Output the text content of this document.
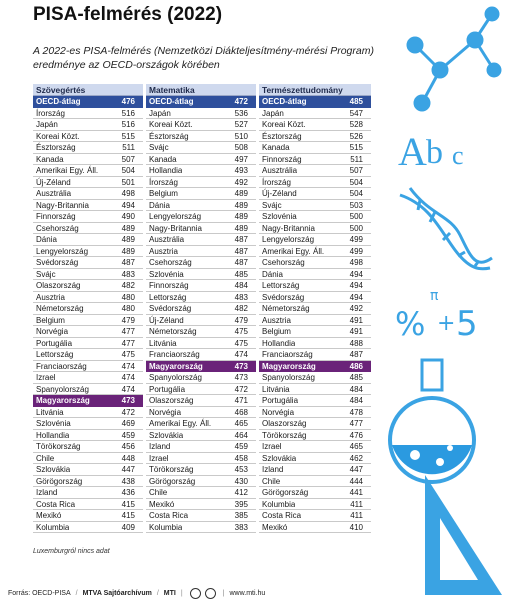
PISA-felmérés (2022)
A 2022-es PISA-felmérés (Nemzetközi Diákteljesítmény-mérési Program) eredménye az OECD-országok körében
Szövegértés
OECD-átlag	476
Írország	516
Japán	516
Koreai Közt.	515
Észtország	511
Kanada	507
Amerikai Egy. Áll.	504
Új-Zéland	501
Ausztrália	498
Nagy-Britannia	494
Finnország	490
Csehország	489
Dánia	489
Lengyelország	489
Svédország	487
Svájc	483
Olaszország	482
Ausztria	480
Németország	480
Belgium	479
Norvégia	477
Portugália	477
Lettország	475
Franciaország	474
Izrael	474
Spanyolország	474
Magyarország	473
Litvánia	472
Szlovénia	469
Hollandia	459
Törökország	456
Chile	448
Szlovákia	447
Görögország	438
Izland	436
Costa Rica	415
Mexikó	415
Kolumbia	409
Matematika
OECD-átlag	472
Japán	536
Koreai Közt.	527
Észtország	510
Svájc	508
Kanada	497
Hollandia	493
Írország	492
Belgium	489
Dánia	489
Lengyelország	489
Nagy-Britannia	489
Ausztrália	487
Ausztria	487
Csehország	487
Szlovénia	485
Finnország	484
Lettország	483
Svédország	482
Új-Zéland	479
Németország	475
Litvánia	475
Franciaország	474
Magyarország	473
Spanyolország	473
Portugália	472
Olaszország	471
Norvégia	468
Amerikai Egy. Áll.	465
Szlovákia	464
Izland	459
Izrael	458
Törökország	453
Görögország	430
Chile	412
Mexikó	395
Costa Rica	385
Kolumbia	383
Természettudomány
OECD-átlag	485
Japán	547
Koreai Közt.	528
Észtország	526
Kanada	515
Finnország	511
Ausztrália	507
Írország	504
Új-Zéland	504
Svájc	503
Szlovénia	500
Nagy-Britannia	500
Lengyelország	499
Amerikai Egy. Áll.	499
Csehország	498
Dánia	494
Lettország	494
Svédország	494
Németország	492
Ausztria	491
Belgium	491
Hollandia	488
Franciaország	487
Magyarország	486
Spanyolország	485
Litvánia	484
Portugália	484
Norvégia	478
Olaszország	477
Törökország	476
Izrael	465
Szlovákia	462
Izland	447
Chile	444
Görögország	441
Kolumbia	411
Costa Rica	411
Mexikó	410
Luxemburgról nincs adat
Forrás: OECD-PISA / MTVA Sajtóarchívum / MTI |	| www.mti.hu
A b c
π
% + 5
